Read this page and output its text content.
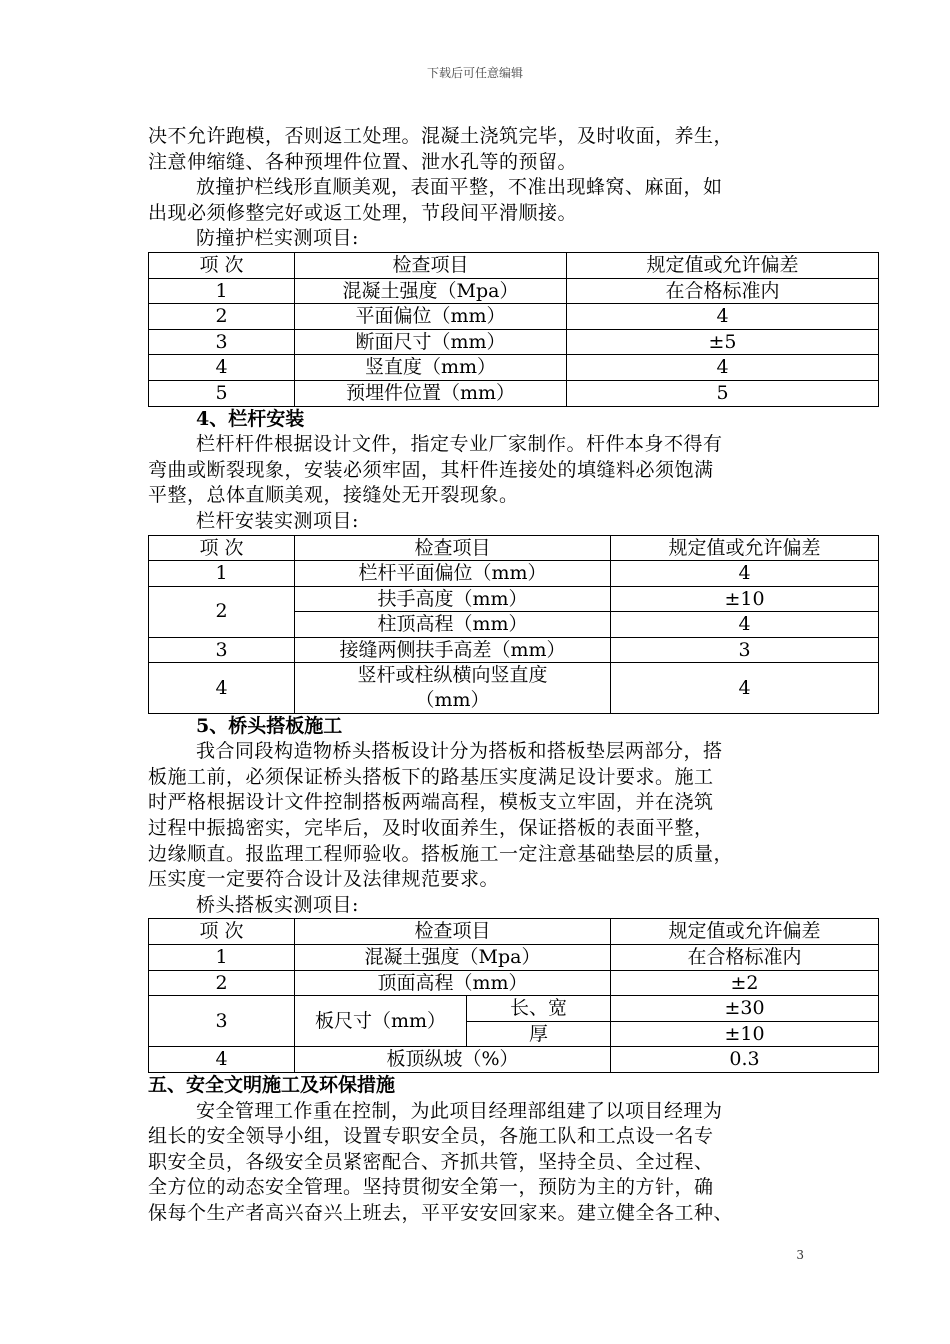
下载后可任意编辑

决不允许跑模，否则返工处理。混凝土浇筑完毕，及时收面，养生，

注意伸缩缝、各种预埋件位置、泄水孔等的预留。

放撞护栏线形直顺美观，表面平整，不准出现蜂窝、麻面，如

出现必须修整完好或返工处理，节段间平滑顺接。

防撞护栏实测项目:

项 次	检查项目	规定值或允许偏差
1	混凝土强度（Mpa）	在合格标准内
2	平面偏位（mm）	4
3	断面尺寸（mm）	±5
4	竖直度（mm）	4
5	预埋件位置（mm）	5

4、栏杆安装

栏杆杆件根据设计文件，指定专业厂家制作。杆件本身不得有

弯曲或断裂现象，安装必须牢固，其杆件连接处的填缝料必须饱满

平整，总体直顺美观，接缝处无开裂现象。

栏杆安装实测项目:

项 次	检查项目	规定值或允许偏差
1	栏杆平面偏位（mm）	4
2	扶手高度（mm）	±10
	柱顶高程（mm）	4
3	接缝两侧扶手高差（mm）	3
4	竖杆或柱纵横向竖直度
（mm）	4

5、桥头搭板施工

我合同段构造物桥头搭板设计分为搭板和搭板垫层两部分，搭

板施工前，必须保证桥头搭板下的路基压实度满足设计要求。施工

时严格根据设计文件控制搭板两端高程，模板支立牢固，并在浇筑

过程中振捣密实，完毕后，及时收面养生，保证搭板的表面平整，

边缘顺直。报监理工程师验收。搭板施工一定注意基础垫层的质量，

压实度一定要符合设计及法律规范要求。

桥头搭板实测项目:

项 次	检查项目		规定值或允许偏差
1	混凝土强度（Mpa）		在合格标准内
2	顶面高程（mm）		±2
3	板尺寸（mm）	长、宽	±30
		厚	±10
4	板顶纵坡（%）		0.3

五、安全文明施工及环保措施

安全管理工作重在控制，为此项目经理部组建了以项目经理为

组长的安全领导小组，设置专职安全员，各施工队和工点设一名专

职安全员，各级安全员紧密配合、齐抓共管，坚持全员、全过程、

全方位的动态安全管理。坚持贯彻安全第一，预防为主的方针，确

保每个生产者高兴奋兴上班去，平平安安回家来。建立健全各工种、

3
